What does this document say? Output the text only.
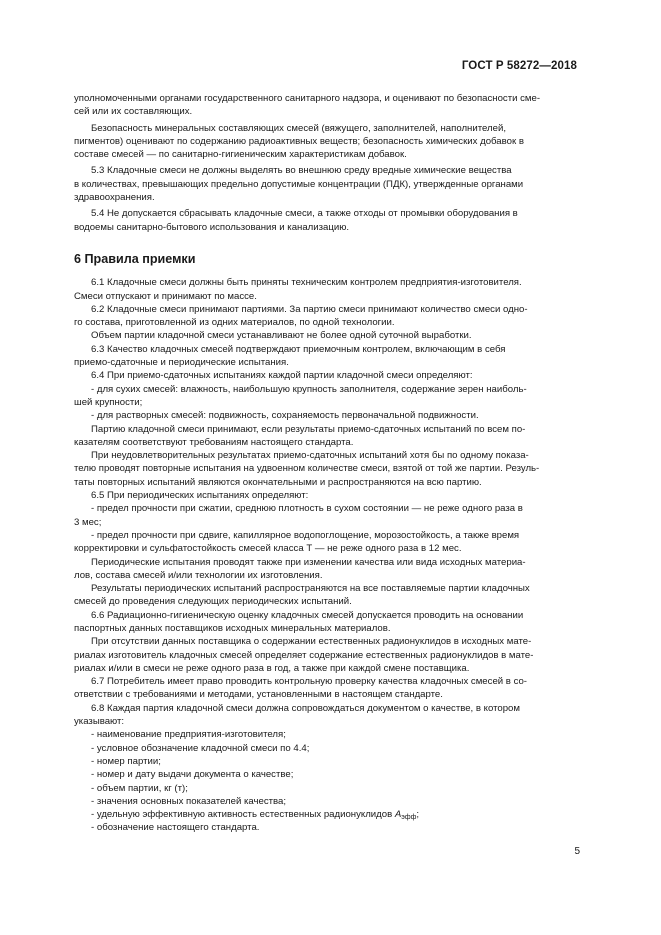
ГОСТ Р 58272—2018

уполномоченными органами государственного санитарного надзора, и оценивают по безопасности сме-

сей или их составляющих.

Безопасность минеральных составляющих смесей (вяжущего, заполнителей, наполнителей,

пигментов) оценивают по содержанию радиоактивных веществ; безопасность химических добавок в

составе смесей — по санитарно-гигиеническим характеристикам добавок.

5.3 Кладочные смеси не должны выделять во внешнюю среду вредные химические вещества

в количествах, превышающих предельно допустимые концентрации (ПДК), утвержденные органами

здравоохранения.

5.4 Не допускается сбрасывать кладочные смеси, а также отходы от промывки оборудования в

водоемы санитарно-бытового использования и канализацию.

6 Правила приемки

6.1 Кладочные смеси должны быть приняты техническим контролем предприятия-изготовителя.

Смеси отпускают и принимают по массе.

6.2 Кладочные смеси принимают партиями. За партию смеси принимают количество смеси одно-

го состава, приготовленной из одних материалов, по одной технологии.

Объем партии кладочной смеси устанавливают не более одной суточной выработки.

6.3 Качество кладочных смесей подтверждают приемочным контролем, включающим в себя

приемо-сдаточные и периодические испытания.

6.4 При приемо-сдаточных испытаниях каждой партии кладочной смеси определяют:

- для сухих смесей: влажность, наибольшую крупность заполнителя, содержание зерен наиболь-

шей крупности;

- для растворных смесей: подвижность, сохраняемость первоначальной подвижности.

Партию кладочной смеси принимают, если результаты приемо-сдаточных испытаний по всем по-

казателям соответствуют требованиям настоящего стандарта.

При неудовлетворительных результатах приемо-сдаточных испытаний хотя бы по одному показа-

телю проводят повторные испытания на удвоенном количестве смеси, взятой от той же партии. Резуль-

таты повторных испытаний являются окончательными и распространяются на всю партию.

6.5 При периодических испытаниях определяют:

- предел прочности при сжатии, среднюю плотность в сухом состоянии — не реже одного раза в

3 мес;

- предел прочности при сдвиге, капиллярное водопоглощение, морозостойкость, а также время

корректировки и сульфатостойкость смесей класса Т — не реже одного раза в 12 мес.

Периодические испытания проводят также при изменении качества или вида исходных материа-

лов, состава смесей и/или технологии их изготовления.

Результаты периодических испытаний распространяются на все поставляемые партии кладочных

смесей до проведения следующих периодических испытаний.

6.6 Радиационно-гигиеническую оценку кладочных смесей допускается проводить на основании

паспортных данных поставщиков исходных минеральных материалов.

При отсутствии данных поставщика о содержании естественных радионуклидов в исходных мате-

риалах изготовитель кладочных смесей определяет содержание естественных радионуклидов в мате-

риалах и/или в смеси не реже одного раза в год, а также при каждой смене поставщика.

6.7 Потребитель имеет право проводить контрольную проверку качества кладочных смесей в со-

ответствии с требованиями и методами, установленными в настоящем стандарте.

6.8 Каждая партия кладочной смеси должна сопровождаться документом о качестве, в котором

указывают:

- наименование предприятия-изготовителя;

- условное обозначение кладочной смеси по 4.4;

- номер партии;

- номер и дату выдачи документа о качестве;

- объем партии, кг (т);

- значения основных показателей качества;

- удельную эффективную активность естественных радионуклидов $А_{эфф}$;

- обозначение настоящего стандарта.

5
